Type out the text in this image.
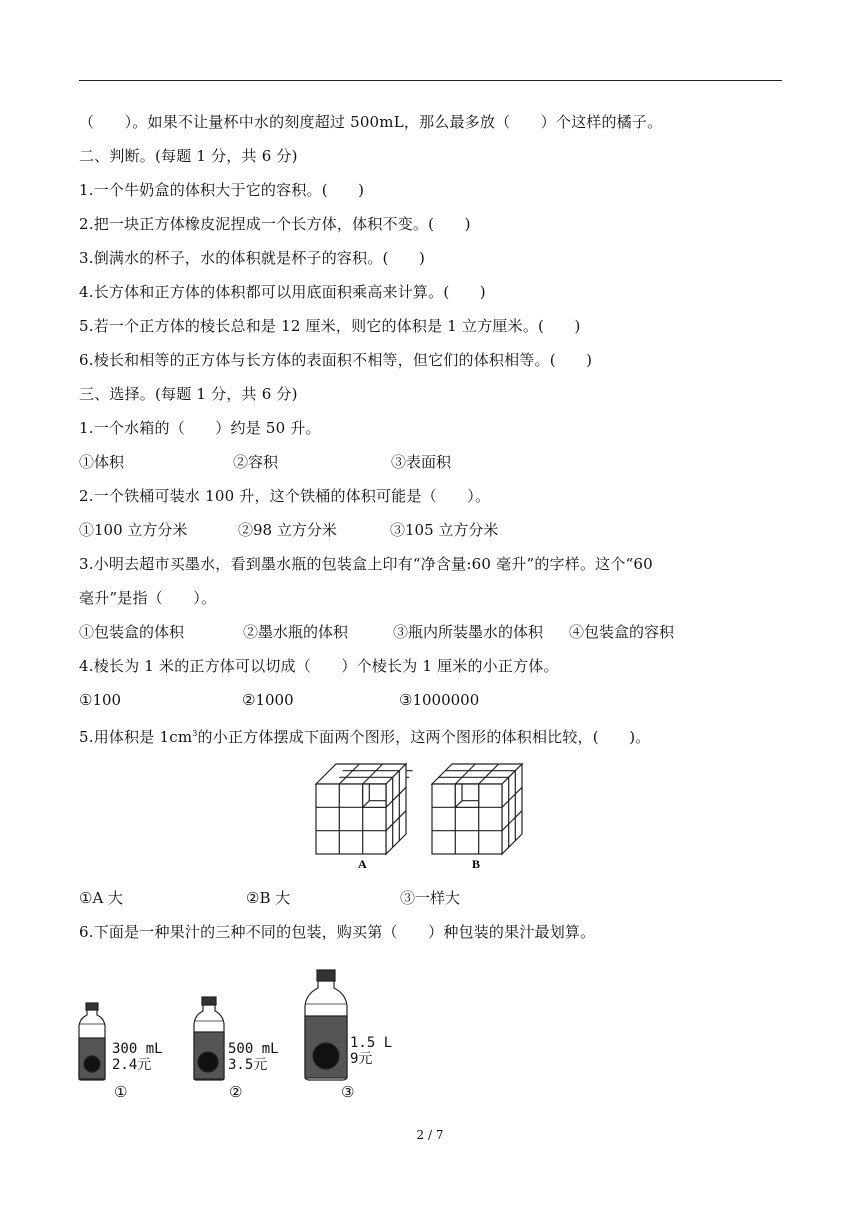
（　　）。如果不让量杯中水的刻度超过 500mL，那么最多放（　　）个这样的橘子。
二、判断。(每题 1 分，共 6 分)
1.一个牛奶盒的体积大于它的容积。(　　)
2.把一块正方体橡皮泥捏成一个长方体，体积不变。(　　)
3.倒满水的杯子，水的体积就是杯子的容积。(　　)
4.长方体和正方体的体积都可以用底面积乘高来计算。(　　)
5.若一个正方体的棱长总和是 12 厘米，则它的体积是 1 立方厘米。(　　)
6.棱长和相等的正方体与长方体的表面积不相等，但它们的体积相等。(　　)
三、选择。(每题 1 分，共 6 分)
1.一个水箱的（　　）约是 50 升。
①体积	②容积	③表面积
2.一个铁桶可装水 100 升，这个铁桶的体积可能是（　　）。
①100 立方分米	②98 立方分米	③105 立方分米
3.小明去超市买墨水，看到墨水瓶的包装盒上印有“净含量:60 毫升”的字样。这个“60
毫升”是指（　　）。
①包装盒的体积	②墨水瓶的体积	③瓶内所装墨水的体积 ④包装盒的容积
4.棱长为 1 米的正方体可以切成（　　）个棱长为 1 厘米的小正方体。
①100	②1000	③1000000
5.用体积是 $1cm^3$的小正方体摆成下面两个图形，这两个图形的体积相比较，(　　)。
A	B
①A 大	②B 大	③一样大
6.下面是一种果汁的三种不同的包装，购买第（　　）种包装的果汁最划算。
300 mL
2.4元
500 mL
3.5元
1.5 L
9元
①	②	③
2 / 7
